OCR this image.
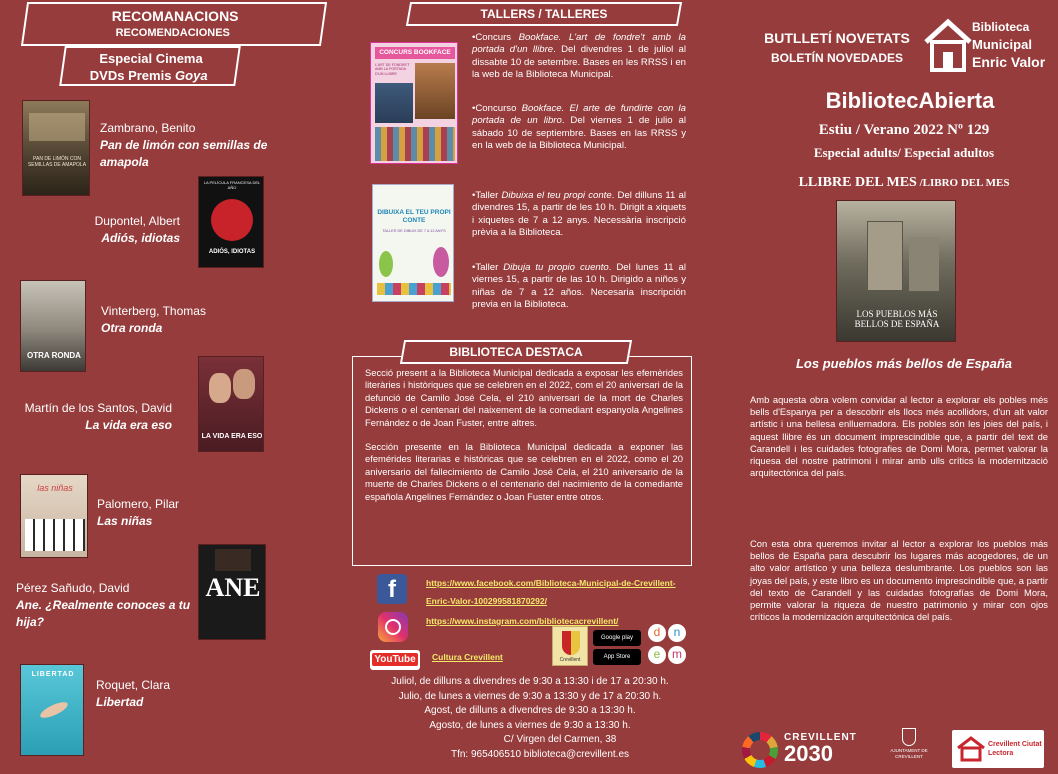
RECOMANACIONS
RECOMENDACIONES
Especial Cinema
DVDs Premis Goya
PAN DE LIMÓN CON SEMILLAS DE AMAPOLA
Zambrano, Benito
Pan de limón con semillas de amapola
LA PELÍCULA FRANCESA DEL AÑO
ADIÓS, IDIOTAS
Dupontel, Albert
Adiós, idiotas
OTRA RONDA
Vinterberg, Thomas
Otra ronda
LA VIDA ERA ESO
Martín de los Santos, David
La vida era eso
las niñas
Palomero, Pilar
Las niñas
ANE
Pérez Sañudo, David
Ane. ¿Realmente conoces a tu hija?
LIBERTAD
Roquet, Clara
Libertad
TALLERS / TALLERES
CONCURS BOOKFACE
L'ART DE FONDRE'T AMB LA PORTADA D'UN LLIBRE
•Concurs Bookface. L'art de fondre't amb la portada d'un llibre. Del divendres 1 de juliol al dissabte 10 de setembre. Bases en les RRSS i en la web de la Biblioteca Municipal.
•Concurso Bookface. El arte de fundirte con la portada de un libro. Del viernes 1 de julio al sábado 10 de septiembre. Bases en las RRSS y en la web de la Biblioteca Municipal.
DIBUIXA EL TEU PROPI CONTE
TALLER DE DIBUIX DE 7 A 12 ANYS
•Taller Dibuixa el teu propi conte. Del dilluns 11 al divendres 15, a partir de les 10 h. Dirigit a xiquets i xiquetes de 7 a 12 anys. Necessària inscripció prèvia a la Biblioteca.
•Taller Dibuja tu propio cuento. Del lunes 11 al viernes 15, a partir de las 10 h. Dirigido a niños y niñas de 7 a 12 años. Necesaria inscripción previa en la Biblioteca.
BIBLIOTECA DESTACA

Secció present a la Biblioteca Municipal dedicada a exposar les efemèrides literàries i històriques que se celebren en el 2022, com el 20 aniversari de la defunció de Camilo José Cela, el 210 aniversari de la mort de Charles Dickens o el centenari del naixement de la comediant espanyola Angelines Fernández o de Joan Fuster, entre altres.

Sección presente en la Biblioteca Municipal dedicada a exponer las efemérides literarias e históricas que se celebren en el 2022, como el 20 aniversario del fallecimiento de Camilo José Cela, el 210 aniversario de la muerte de Charles Dickens o el centenario del nacimiento de la comediante española Angelines Fernández o Joan Fuster entre otros.

f	https://www.facebook.com/Biblioteca-Municipal-de-Crevillent-Enric-Valor-100299581870292/
https://www.instagram.com/bibliotecacrevillent/
YouTube	Cultura Crevillent	Crevillent
Google play
App Store
d	n
e m
Juliol, de dilluns a divendres de 9:30 a 13:30 i de 17 a 20:30 h.
Julio, de lunes a viernes de 9:30 a 13:30 y de 17 a 20:30 h.
Agost, de dilluns a divendres de 9:30 a 13:30 h.
Agosto, de lunes a viernes de 9:30 a 13:30 h.
C/ Virgen del Carmen, 38
Tfn: 965406510 biblioteca@crevillent.es
BUTLLETÍ NOVETATS
BOLETÍN NOVEDADES
Biblioteca
Municipal
Enric Valor
BibliotecAbierta
Estiu / Verano 2022 Nº 129
Especial adults/ Especial adultos
LLIBRE DEL MES /LIBRO DEL MES
LOS PUEBLOS MÁS BELLOS DE ESPAÑA
Los pueblos más bellos de España
Amb aquesta obra volem convidar al lector a explorar els pobles més bells d'Espanya per a descobrir els llocs més acollidors, d'un alt valor artístic i una bellesa enlluernadora. Els pobles són les joies del país, i aquest llibre és un document imprescindible que, a partir del text de Carandell i les cuidades fotografies de Domi Mora, permet valorar la riquesa del nostre patrimoni i mirar amb ulls crítics la modernització arquitectònica del país.
Con esta obra queremos invitar al lector a explorar los pueblos más bellos de España para descubrir los lugares más acogedores, de un alto valor artístico y una belleza deslumbrante. Los pueblos son las joyas del país, y este libro es un documento imprescindible que, a partir del texto de Carandell y las cuidadas fotografías de Domi Mora, permite valorar la riqueza de nuestro patrimonio y mirar con ojos críticos la modernización arquitectónica del país.
CREVILLENT
2030	AJUNTAMENT DE CREVILLENT
Crevillent Ciutat Lectora
